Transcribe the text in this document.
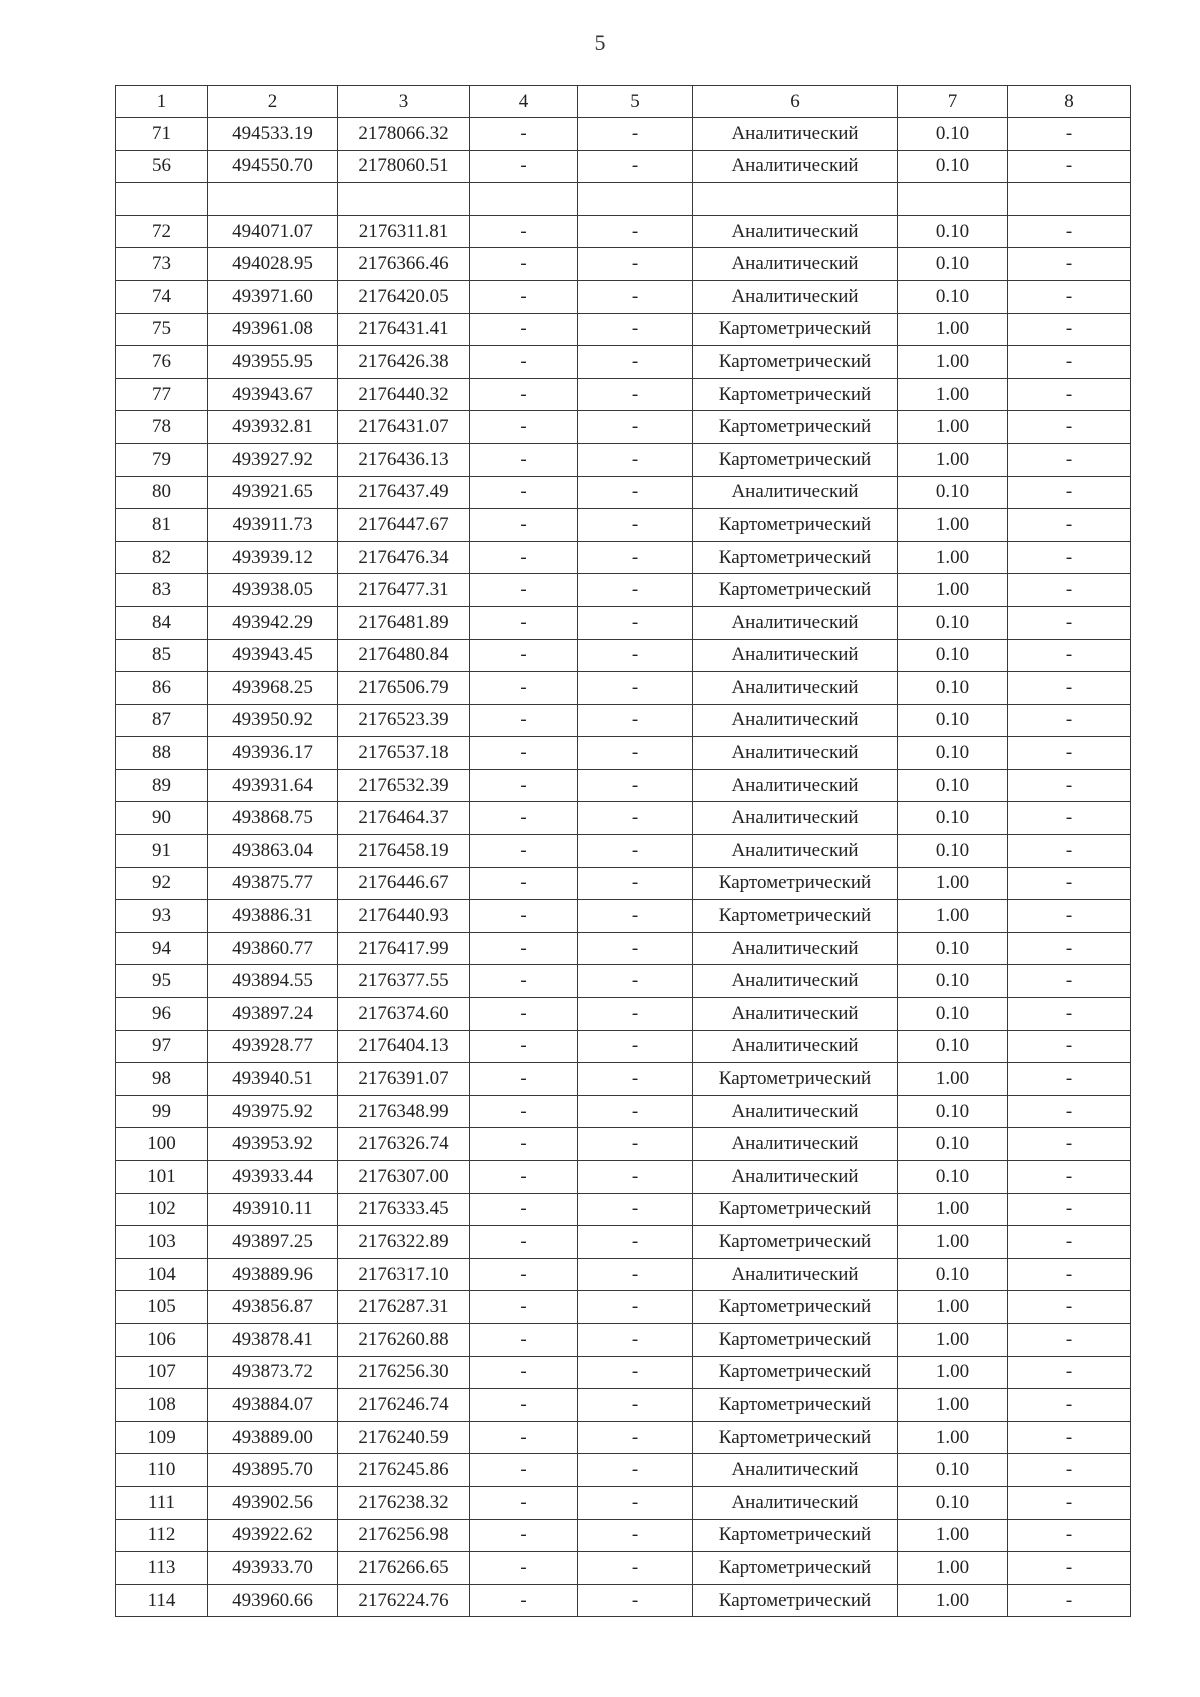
5
1	2	3	4	5	6	7	8
71	494533.19	2178066.32	-	-	Аналитический	0.10	-
56	494550.70	2178060.51	-	-	Аналитический	0.10	-

72	494071.07	2176311.81	-	-	Аналитический	0.10	-
73	494028.95	2176366.46	-	-	Аналитический	0.10	-
74	493971.60	2176420.05	-	-	Аналитический	0.10	-
75	493961.08	2176431.41	-	-	Картометрический	1.00	-
76	493955.95	2176426.38	-	-	Картометрический	1.00	-
77	493943.67	2176440.32	-	-	Картометрический	1.00	-
78	493932.81	2176431.07	-	-	Картометрический	1.00	-
79	493927.92	2176436.13	-	-	Картометрический	1.00	-
80	493921.65	2176437.49	-	-	Аналитический	0.10	-
81	493911.73	2176447.67	-	-	Картометрический	1.00	-
82	493939.12	2176476.34	-	-	Картометрический	1.00	-
83	493938.05	2176477.31	-	-	Картометрический	1.00	-
84	493942.29	2176481.89	-	-	Аналитический	0.10	-
85	493943.45	2176480.84	-	-	Аналитический	0.10	-
86	493968.25	2176506.79	-	-	Аналитический	0.10	-
87	493950.92	2176523.39	-	-	Аналитический	0.10	-
88	493936.17	2176537.18	-	-	Аналитический	0.10	-
89	493931.64	2176532.39	-	-	Аналитический	0.10	-
90	493868.75	2176464.37	-	-	Аналитический	0.10	-
91	493863.04	2176458.19	-	-	Аналитический	0.10	-
92	493875.77	2176446.67	-	-	Картометрический	1.00	-
93	493886.31	2176440.93	-	-	Картометрический	1.00	-
94	493860.77	2176417.99	-	-	Аналитический	0.10	-
95	493894.55	2176377.55	-	-	Аналитический	0.10	-
96	493897.24	2176374.60	-	-	Аналитический	0.10	-
97	493928.77	2176404.13	-	-	Аналитический	0.10	-
98	493940.51	2176391.07	-	-	Картометрический	1.00	-
99	493975.92	2176348.99	-	-	Аналитический	0.10	-
100	493953.92	2176326.74	-	-	Аналитический	0.10	-
101	493933.44	2176307.00	-	-	Аналитический	0.10	-
102	493910.11	2176333.45	-	-	Картометрический	1.00	-
103	493897.25	2176322.89	-	-	Картометрический	1.00	-
104	493889.96	2176317.10	-	-	Аналитический	0.10	-
105	493856.87	2176287.31	-	-	Картометрический	1.00	-
106	493878.41	2176260.88	-	-	Картометрический	1.00	-
107	493873.72	2176256.30	-	-	Картометрический	1.00	-
108	493884.07	2176246.74	-	-	Картометрический	1.00	-
109	493889.00	2176240.59	-	-	Картометрический	1.00	-
110	493895.70	2176245.86	-	-	Аналитический	0.10	-
111	493902.56	2176238.32	-	-	Аналитический	0.10	-
112	493922.62	2176256.98	-	-	Картометрический	1.00	-
113	493933.70	2176266.65	-	-	Картометрический	1.00	-
114	493960.66	2176224.76	-	-	Картометрический	1.00	-
